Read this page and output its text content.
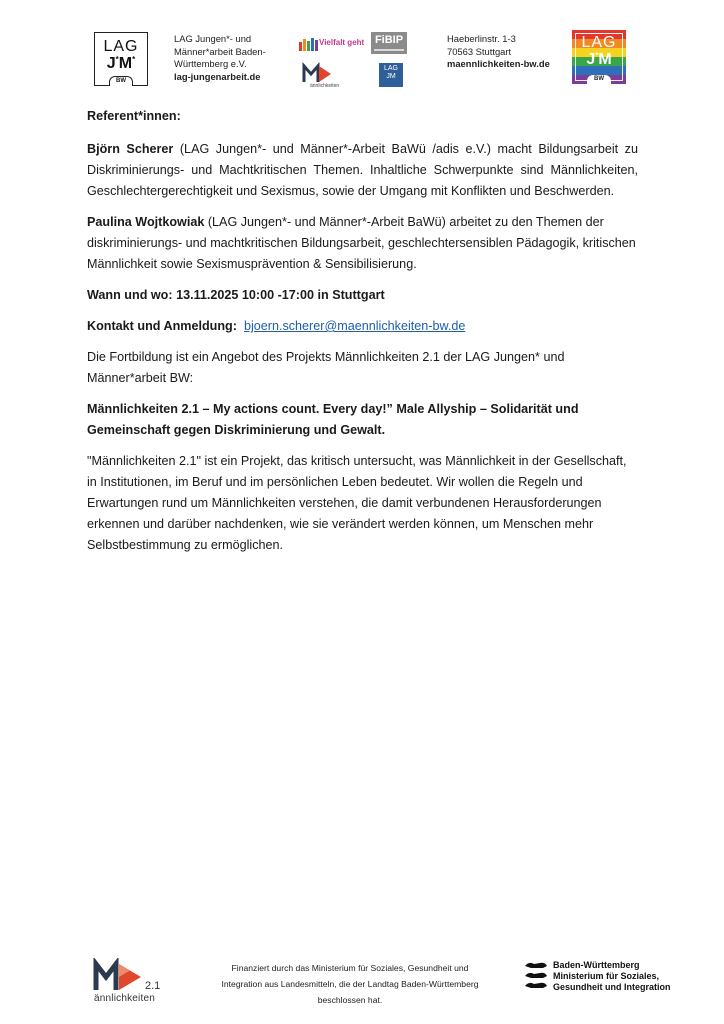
LAG
J*M*
BW
LAG Jungen*- und
Männer*arbeit Baden-
Württemberg e.V.
lag-jungenarbeit.de
Vielfalt geht FiBIP
ännlichkeiten
LAG JM
Haeberlinstr. 1-3
70563 Stuttgart
maennlichkeiten-bw.de
LAG
J*M
BW

Referent*innen:

Björn Scherer (LAG Jungen*- und Männer*-Arbeit BaWü /adis e.V.) macht Bildungsarbeit zu Diskriminierungs- und Machtkritischen Themen. Inhaltliche Schwerpunkte sind Männlichkeiten, Geschlechtergerechtigkeit und Sexismus, sowie der Umgang mit Konflikten und Beschwerden.

Paulina Wojtkowiak (LAG Jungen*- und Männer*-Arbeit BaWü) arbeitet zu den Themen der diskriminierungs- und machtkritischen Bildungsarbeit, geschlechtersensiblen Pädagogik, kritischen Männlichkeit sowie Sexismusprävention & Sensibilisierung.

Wann und wo: 13.11.2025 10:00 -17:00 in Stuttgart

Kontakt und Anmeldung: bjoern.scherer@maennlichkeiten-bw.de

Die Fortbildung ist ein Angebot des Projekts Männlichkeiten 2.1 der LAG Jungen* und Männer*arbeit BW:

Männlichkeiten 2.1 – My actions count. Every day!” Male Allyship – Solidarität und Gemeinschaft gegen Diskriminierung und Gewalt.

"Männlichkeiten 2.1" ist ein Projekt, das kritisch untersucht, was Männlichkeit in der Gesellschaft, in Institutionen, im Beruf und im persönlichen Leben bedeutet. Wir wollen die Regeln und Erwartungen rund um Männlichkeiten verstehen, die damit verbundenen Herausforderungen erkennen und darüber nachdenken, wie sie verändert werden können, um Menschen mehr Selbstbestimmung zu ermöglichen.

2.1
ännlichkeiten
Finanziert durch das Ministerium für Soziales, Gesundheit und
Integration aus Landesmitteln, die der Landtag Baden-Württemberg
beschlossen hat.
Baden-Württemberg
Ministerium für Soziales,
Gesundheit und Integration
